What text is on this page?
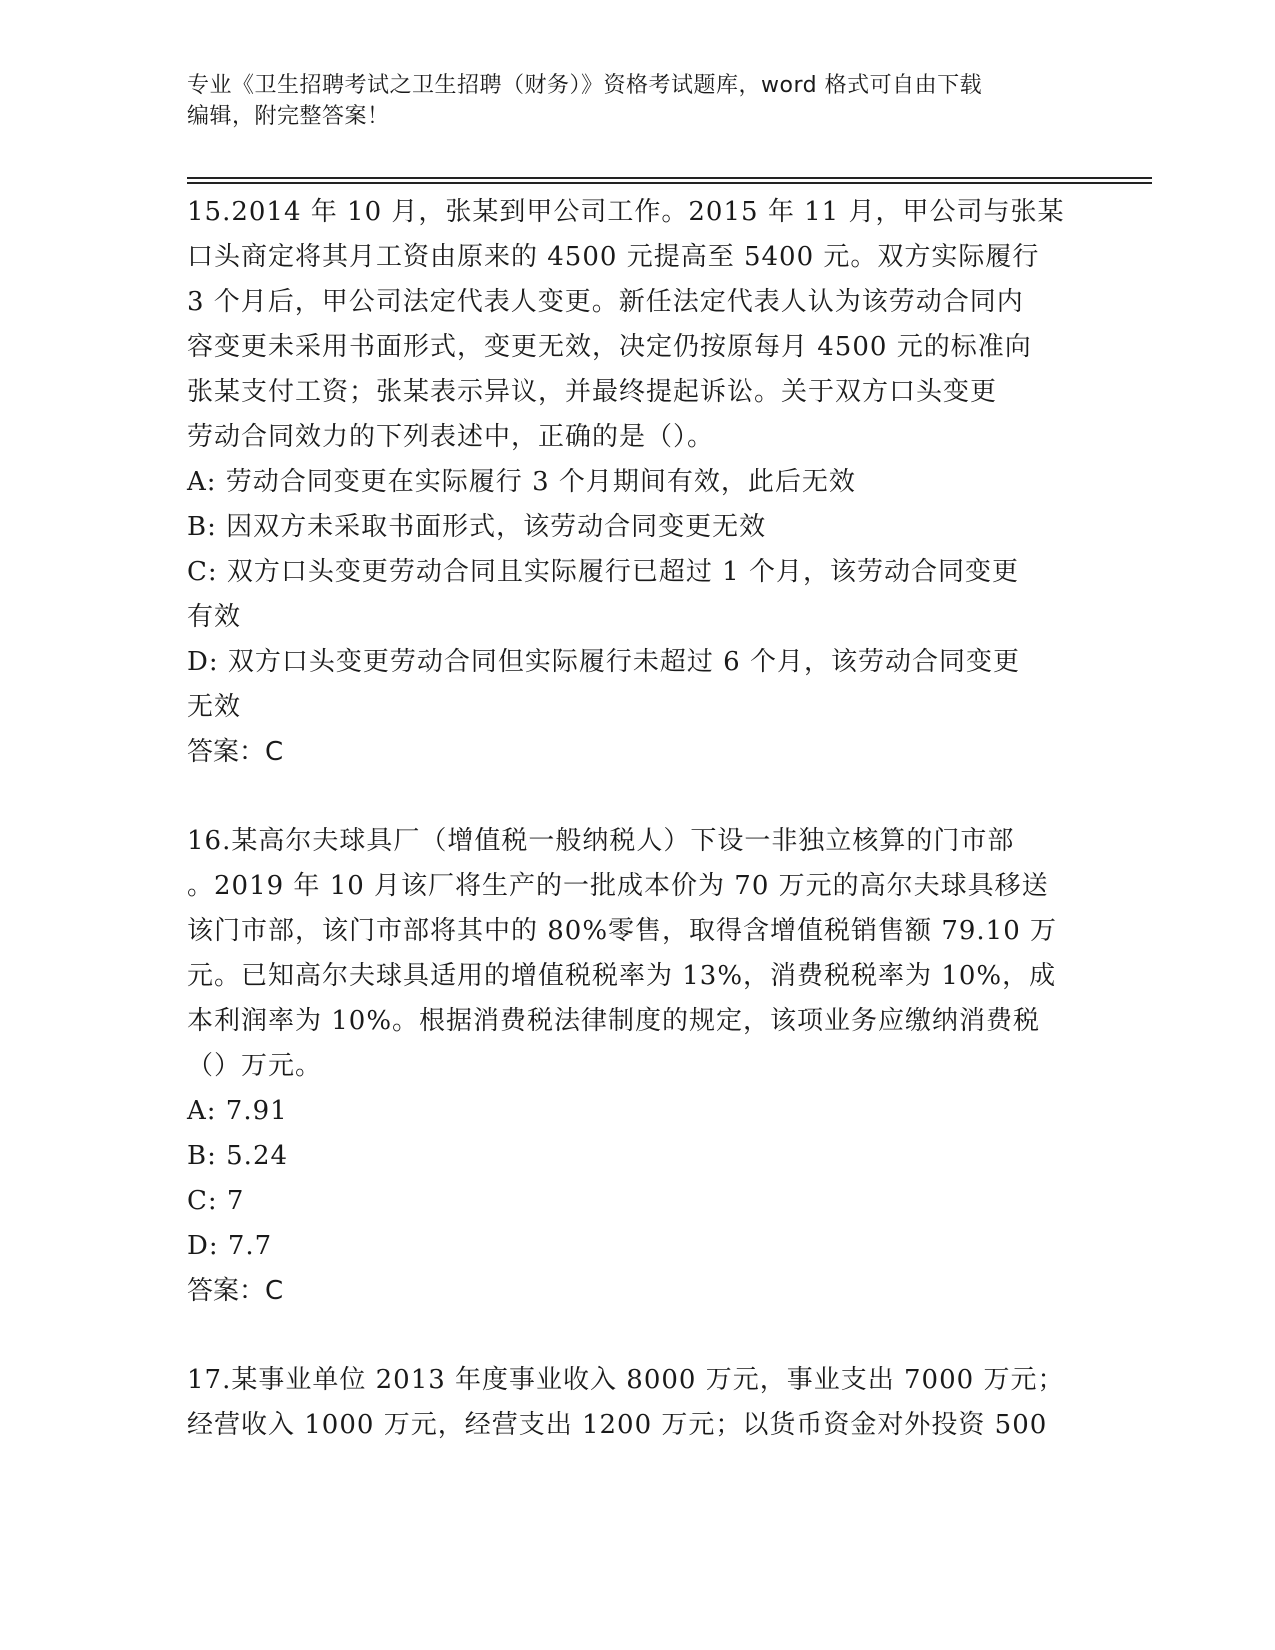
专业《卫生招聘考试之卫生招聘（财务）》资格考试题库，word 格式可自由下载
编辑，附完整答案！
15.2014 年 10 月，张某到甲公司工作。2015 年 11 月，甲公司与张某
口头商定将其月工资由原来的 4500 元提高至 5400 元。双方实际履行
3 个月后，甲公司法定代表人变更。新任法定代表人认为该劳动合同内
容变更未采用书面形式，变更无效，决定仍按原每月 4500 元的标准向
张某支付工资；张某表示异议，并最终提起诉讼。关于双方口头变更
劳动合同效力的下列表述中，正确的是（）。
A: 劳动合同变更在实际履行 3 个月期间有效，此后无效
B: 因双方未采取书面形式，该劳动合同变更无效
C: 双方口头变更劳动合同且实际履行已超过 1 个月，该劳动合同变更
有效
D: 双方口头变更劳动合同但实际履行未超过 6 个月，该劳动合同变更
无效
答案：C
16.某高尔夫球具厂（增值税一般纳税人）下设一非独立核算的门市部
。2019 年 10 月该厂将生产的一批成本价为 70 万元的高尔夫球具移送
该门市部，该门市部将其中的 80%零售，取得含增值税销售额 79.10 万
元。已知高尔夫球具适用的增值税税率为 13%，消费税税率为 10%，成
本利润率为 10%。根据消费税法律制度的规定，该项业务应缴纳消费税
（）万元。
A: 7.91
B: 5.24
C: 7
D: 7.7
答案：C
17.某事业单位 2013 年度事业收入 8000 万元，事业支出 7000 万元；
经营收入 1000 万元，经营支出 1200 万元；以货币资金对外投资 500
